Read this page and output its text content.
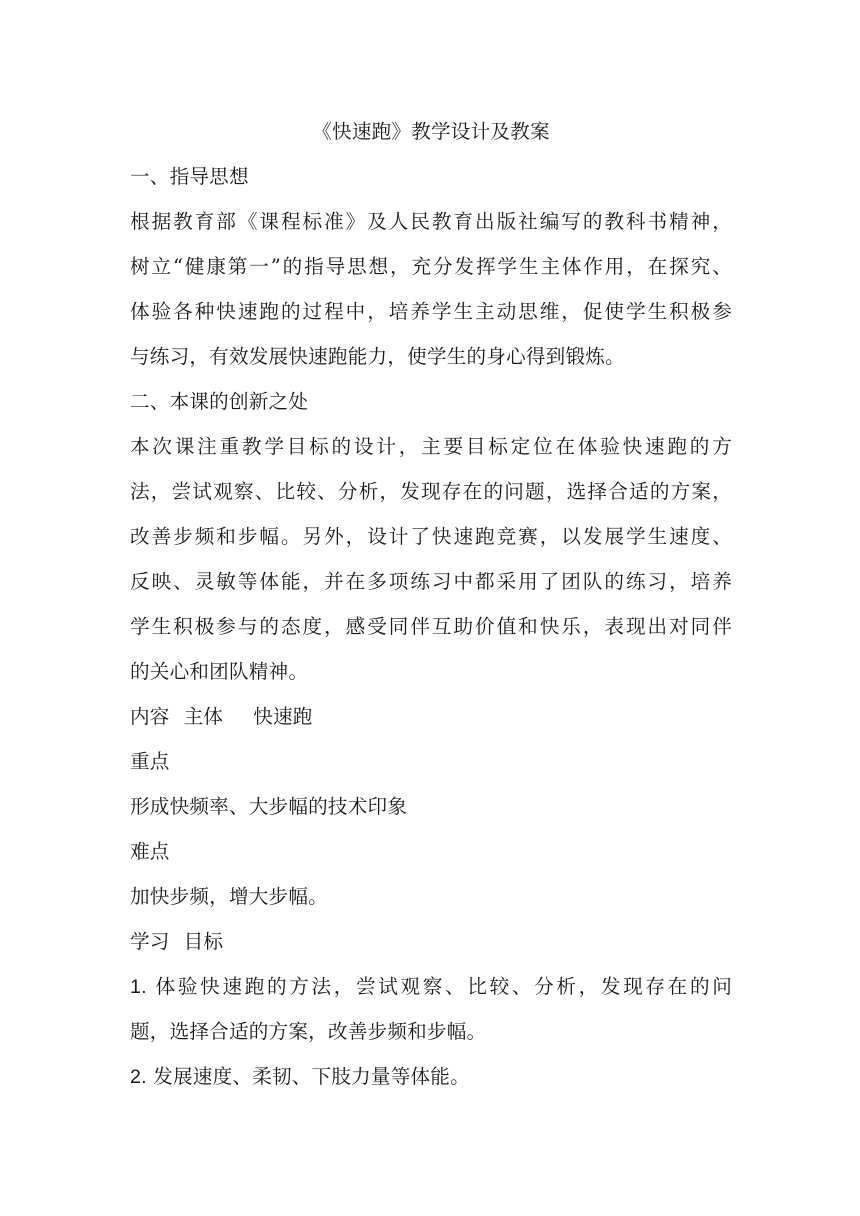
《快速跑》教学设计及教案
一、指导思想
根据教育部《课程标准》及人民教育出版社编写的教科书精神，
树立“健康第一”的指导思想，充分发挥学生主体作用，在探究、
体验各种快速跑的过程中，培养学生主动思维，促使学生积极参
与练习，有效发展快速跑能力，使学生的身心得到锻炼。
二、本课的创新之处
本次课注重教学目标的设计，主要目标定位在体验快速跑的方
法，尝试观察、比较、分析，发现存在的问题，选择合适的方案，
改善步频和步幅。另外，设计了快速跑竞赛，以发展学生速度、
反映、灵敏等体能，并在多项练习中都采用了团队的练习，培养
学生积极参与的态度，感受同伴互助价值和快乐，表现出对同伴
的关心和团队精神。
内容 主体 快速跑
重点
形成快频率、大步幅的技术印象
难点
加快步频，增大步幅。
学习 目标
1. 体验快速跑的方法，尝试观察、比较、分析，发现存在的问
题，选择合适的方案，改善步频和步幅。
2. 发展速度、柔韧、下肢力量等体能。
